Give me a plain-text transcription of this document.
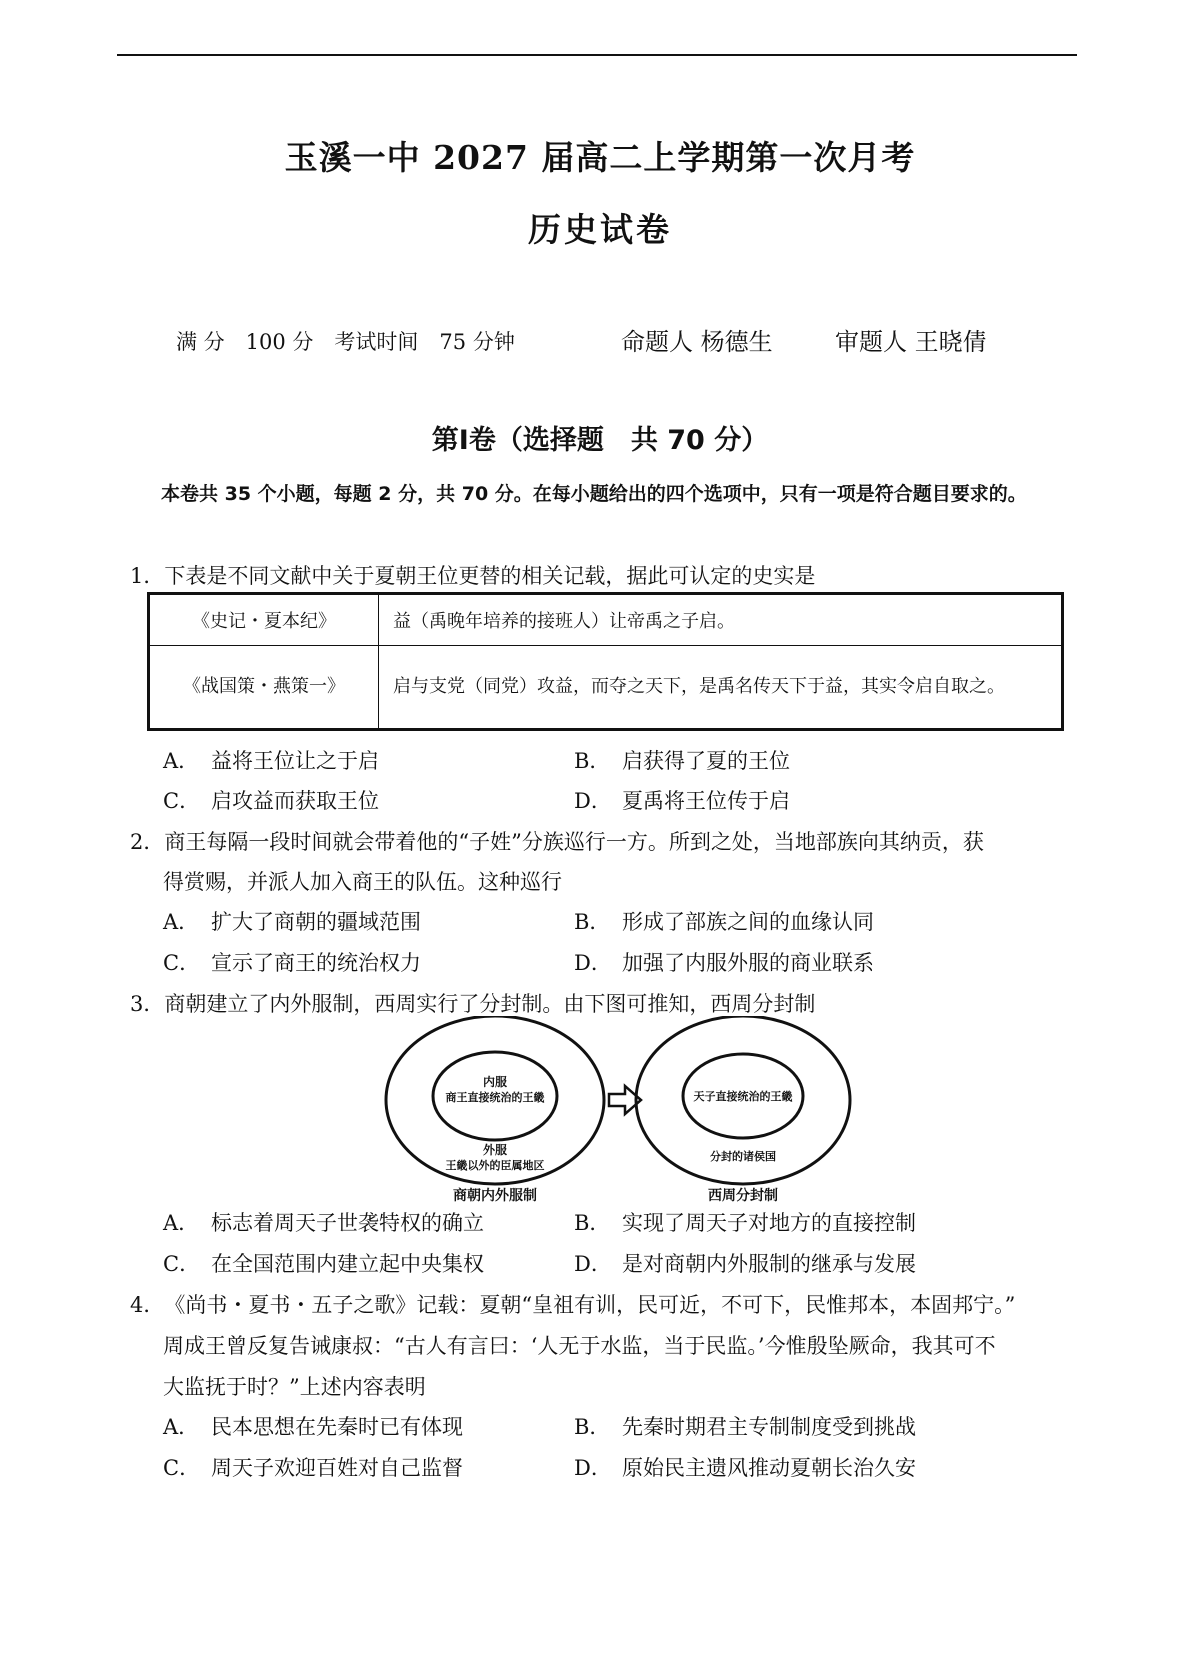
玉溪一中 2027 届高二上学期第一次月考
历史试卷
满 分　100 分　考试时间　75 分钟	命题人 杨德生	审题人 王晓倩
第Ⅰ卷（选择题　共 70 分）
本卷共 35 个小题，每题 2 分，共 70 分。在每小题给出的四个选项中，只有一项是符合题目要求的。
1．下表是不同文献中关于夏朝王位更替的相关记载，据此可认定的史实是
《史记・夏本纪》	益（禹晚年培养的接班人）让帝禹之子启。
《战国策・燕策一》	启与支党（同党）攻益，而夺之天下，是禹名传天下于益，其实令启自取之。
A． 益将王位让之于启	B． 启获得了夏的王位
C． 启攻益而获取王位	D． 夏禹将王位传于启
2．商王每隔一段时间就会带着他的“子姓”分族巡行一方。所到之处，当地部族向其纳贡，获
得赏赐，并派人加入商王的队伍。这种巡行
A． 扩大了商朝的疆域范围	B． 形成了部族之间的血缘认同
C． 宣示了商王的统治权力	D． 加强了内服外服的商业联系
3．商朝建立了内外服制，西周实行了分封制。由下图可推知，西周分封制
内服
商王直接统治的王畿
外服
王畿以外的臣属地区
商朝内外服制
天子直接统治的王畿
分封的诸侯国
西周分封制
A． 标志着周天子世袭特权的确立	B． 实现了周天子对地方的直接控制
C． 在全国范围内建立起中央集权	D． 是对商朝内外服制的继承与发展
4．《尚书・夏书・五子之歌》记载：夏朝“皇祖有训，民可近，不可下，民惟邦本，本固邦宁。”
周成王曾反复告诫康叔：“古人有言曰：‘人无于水监，当于民监。’今惟殷坠厥命，我其可不
大监抚于时？”上述内容表明
A． 民本思想在先秦时已有体现	B． 先秦时期君主专制制度受到挑战
C． 周天子欢迎百姓对自己监督	D． 原始民主遗风推动夏朝长治久安
